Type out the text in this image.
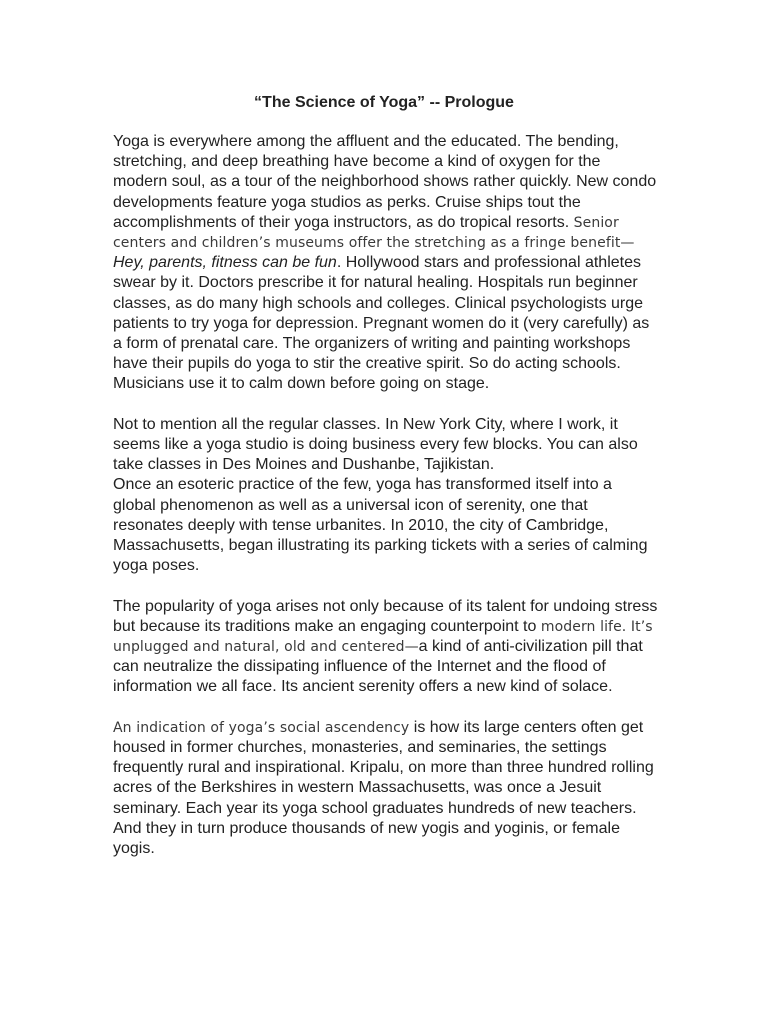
“The Science of Yoga” -- Prologue

Yoga is everywhere among the affluent and the educated. The bending, stretching, and deep breathing have become a kind of oxygen for the modern soul, as a tour of the neighborhood shows rather quickly. New condo developments feature yoga studios as perks. Cruise ships tout the accomplishments of their yoga instructors, as do tropical resorts. Senior centers and children’s museums offer the stretching as a fringe benefit—Hey, parents, fitness can be fun. Hollywood stars and professional athletes swear by it. Doctors prescribe it for natural healing. Hospitals run beginner classes, as do many high schools and colleges. Clinical psychologists urge patients to try yoga for depression. Pregnant women do it (very carefully) as a form of prenatal care. The organizers of writing and painting workshops have their pupils do yoga to stir the creative spirit. So do acting schools. Musicians use it to calm down before going on stage.

Not to mention all the regular classes. In New York City, where I work, it seems like a yoga studio is doing business every few blocks. You can also take classes in Des Moines and Dushanbe, Tajikistan.

Once an esoteric practice of the few, yoga has transformed itself into a global phenomenon as well as a universal icon of serenity, one that resonates deeply with tense urbanites. In 2010, the city of Cambridge, Massachusetts, began illustrating its parking tickets with a series of calming yoga poses.

The popularity of yoga arises not only because of its talent for undoing stress but because its traditions make an engaging counterpoint to modern life. It’s unplugged and natural, old and centered—a kind of anti-civilization pill that can neutralize the dissipating influence of the Internet and the flood of information we all face. Its ancient serenity offers a new kind of solace.

An indication of yoga’s social ascendency is how its large centers often get housed in former churches, monasteries, and seminaries, the settings frequently rural and inspirational. Kripalu, on more than three hundred rolling acres of the Berkshires in western Massachusetts, was once a Jesuit seminary. Each year its yoga school graduates hundreds of new teachers. And they in turn produce thousands of new yogis and yoginis, or female yogis.
